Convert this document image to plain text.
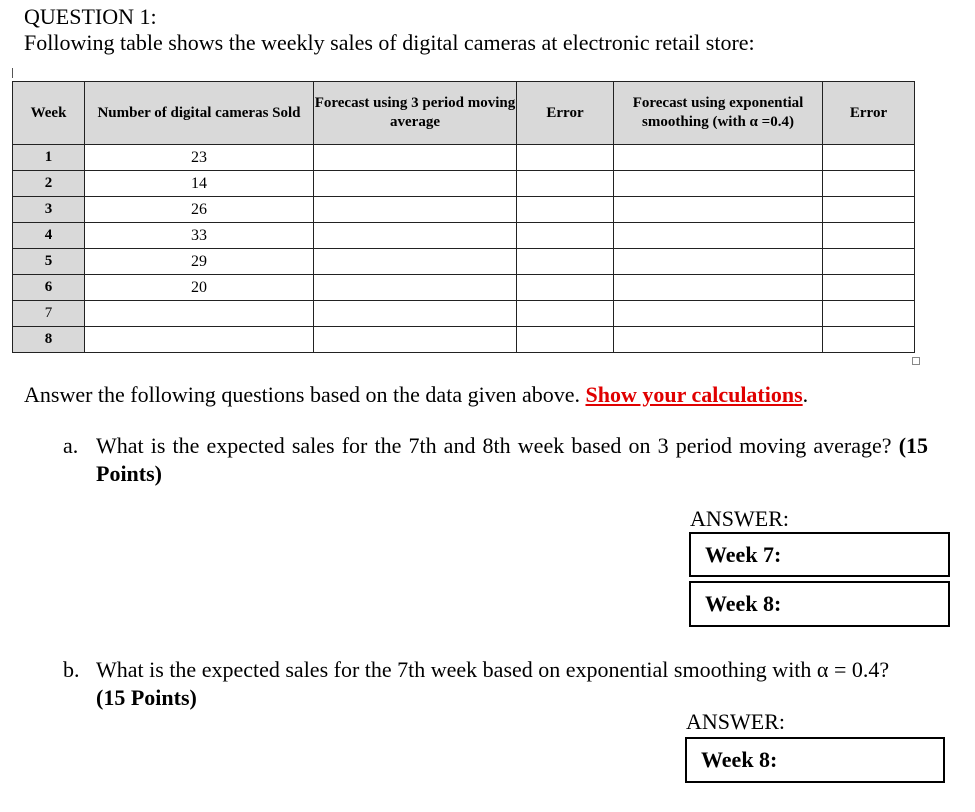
QUESTION 1:
Following table shows the weekly sales of digital cameras at electronic retail store:
Week	Number of digital cameras Sold	Forecast using 3 period moving average	Error	Forecast using exponential smoothing (with α =0.4)	Error
1	23				
2	14				
3	26				
4	33				
5	29				
6	20				
7					
8					
Answer the following questions based on the data given above. Show your calculations.
a. What is the expected sales for the 7th and 8th week based on 3 period moving average? (15 Points)
ANSWER:
Week 7:
Week 8:
b. What is the expected sales for the 7th week based on exponential smoothing with α = 0.4? (15 Points)
ANSWER:
Week 8:
